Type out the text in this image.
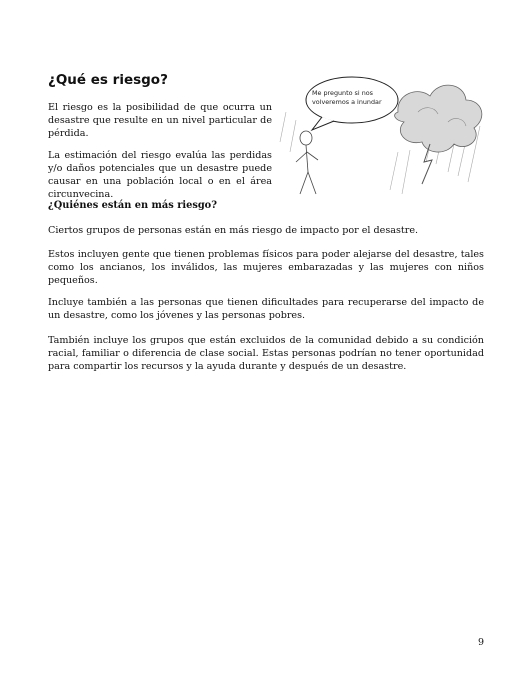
¿Qué es riesgo?

El riesgo es la posibilidad de que ocurra un desastre que resulte en un nivel particular de pérdida.

La estimación del riesgo evalúa las perdidas y/o daños potenciales que un desastre puede causar en una población local o en el área circunvecina.

¿Quiénes están en más riesgo?

Ciertos grupos de personas están en más riesgo de impacto por el desastre.

Estos incluyen gente que tienen problemas físicos para poder alejarse del desastre, tales como los ancianos, los inválidos, las mujeres embarazadas y las mujeres con niños pequeños.

Incluye también a las personas que tienen dificultades para recuperarse del impacto de un desastre, como los jóvenes y las personas pobres.

También incluye los grupos que están excluidos de la comunidad debido a su condición racial, familiar o diferencia de clase social. Estas personas podrían no tener oportunidad para compartir los recursos y la ayuda durante y después de un desastre.

Me pregunto si nos volveremos a inundar
9
